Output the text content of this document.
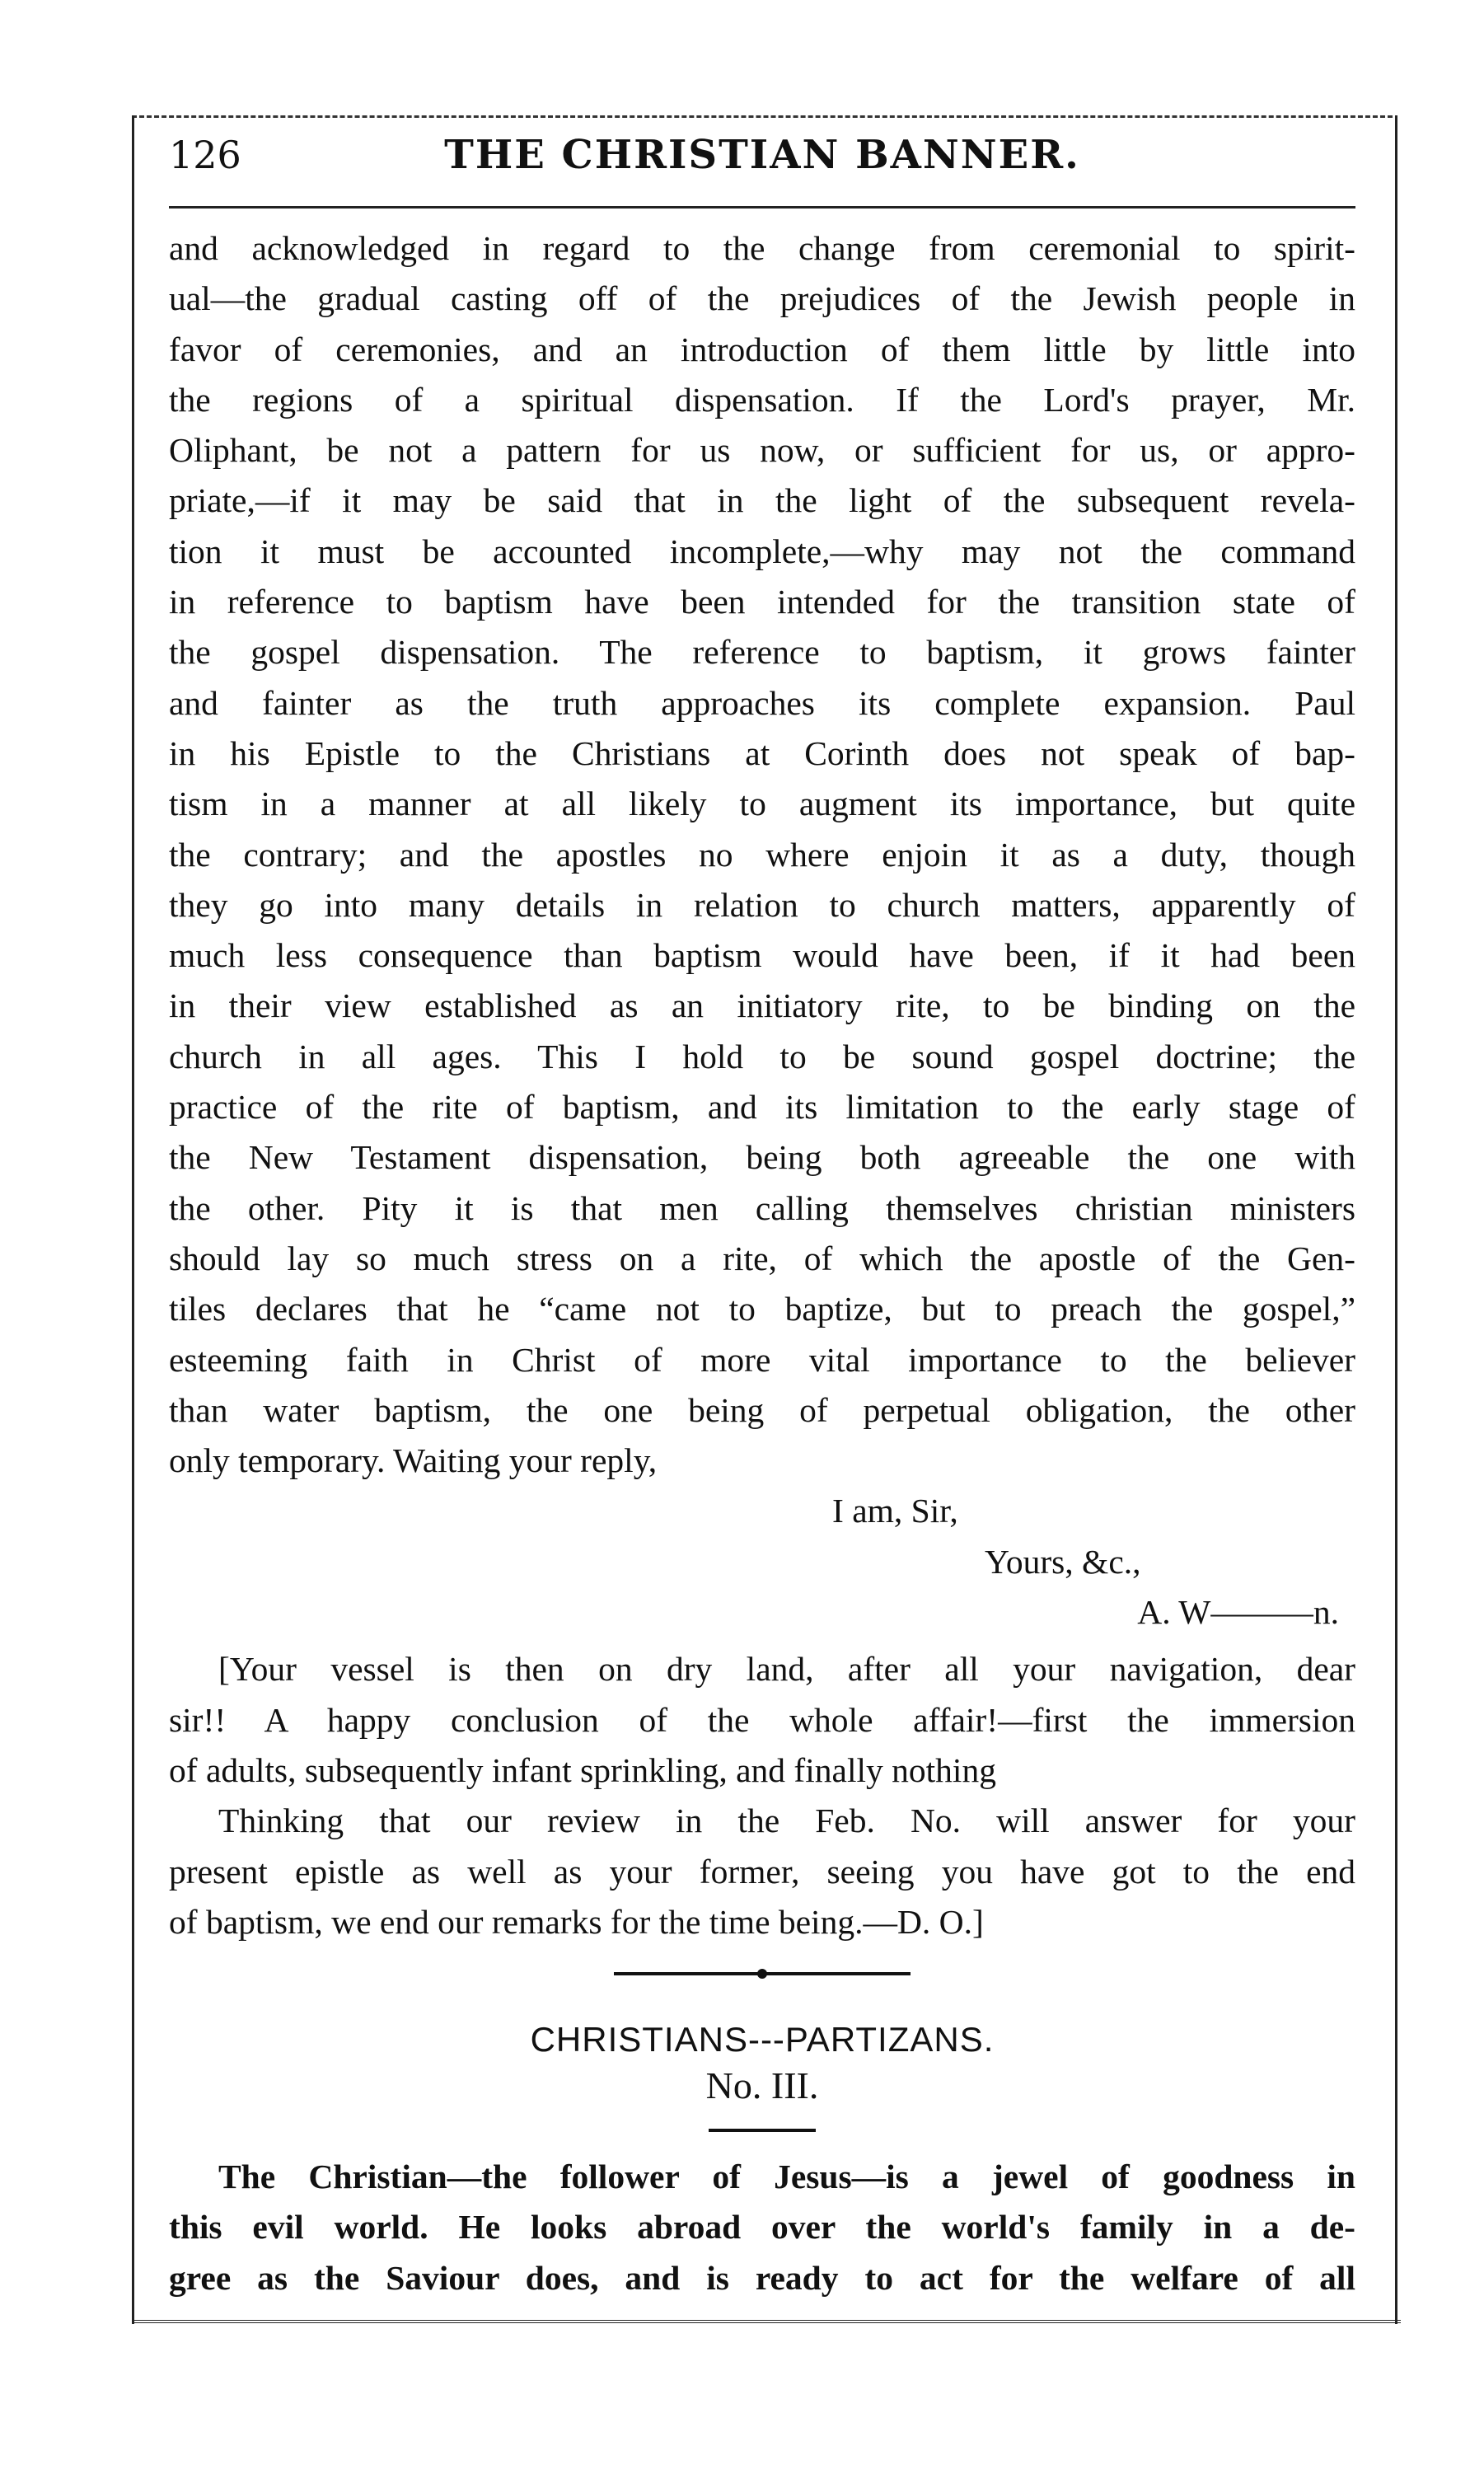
126	THE CHRISTIAN BANNER.
and acknowledged in regard to the change from ceremonial to spirit-
ual—the gradual casting off of the prejudices of the Jewish people in
favor of ceremonies, and an introduction of them little by little into
the regions of a spiritual dispensation. If the Lord's prayer, Mr.
Oliphant, be not a pattern for us now, or sufficient for us, or appro-
priate,—if it may be said that in the light of the subsequent revela-
tion it must be accounted incomplete,—why may not the command
in reference to baptism have been intended for the transition state of
the gospel dispensation. The reference to baptism, it grows fainter
and fainter as the truth approaches its complete expansion. Paul
in his Epistle to the Christians at Corinth does not speak of bap-
tism in a manner at all likely to augment its importance, but quite
the contrary; and the apostles no where enjoin it as a duty, though
they go into many details in relation to church matters, apparently of
much less consequence than baptism would have been, if it had been
in their view established as an initiatory rite, to be binding on the
church in all ages. This I hold to be sound gospel doctrine; the
practice of the rite of baptism, and its limitation to the early stage of
the New Testament dispensation, being both agreeable the one with
the other. Pity it is that men calling themselves christian ministers
should lay so much stress on a rite, of which the apostle of the Gen-
tiles declares that he “came not to baptize, but to preach the gospel,”
esteeming faith in Christ of more vital importance to the believer
than water baptism, the one being of perpetual obligation, the other
only temporary. Waiting your reply,
I am, Sir,
Yours, &c.,
A. W———n.
[Your vessel is then on dry land, after all your navigation, dear
sir!! A happy conclusion of the whole affair!—first the immersion
of adults, subsequently infant sprinkling, and finally nothing
Thinking that our review in the Feb. No. will answer for your
present epistle as well as your former, seeing you have got to the end
of baptism, we end our remarks for the time being.—D. O.]
CHRISTIANS---PARTIZANS.
No. III.
The Christian—the follower of Jesus—is a jewel of goodness in
this evil world. He looks abroad over the world's family in a de-
gree as the Saviour does, and is ready to act for the welfare of all
